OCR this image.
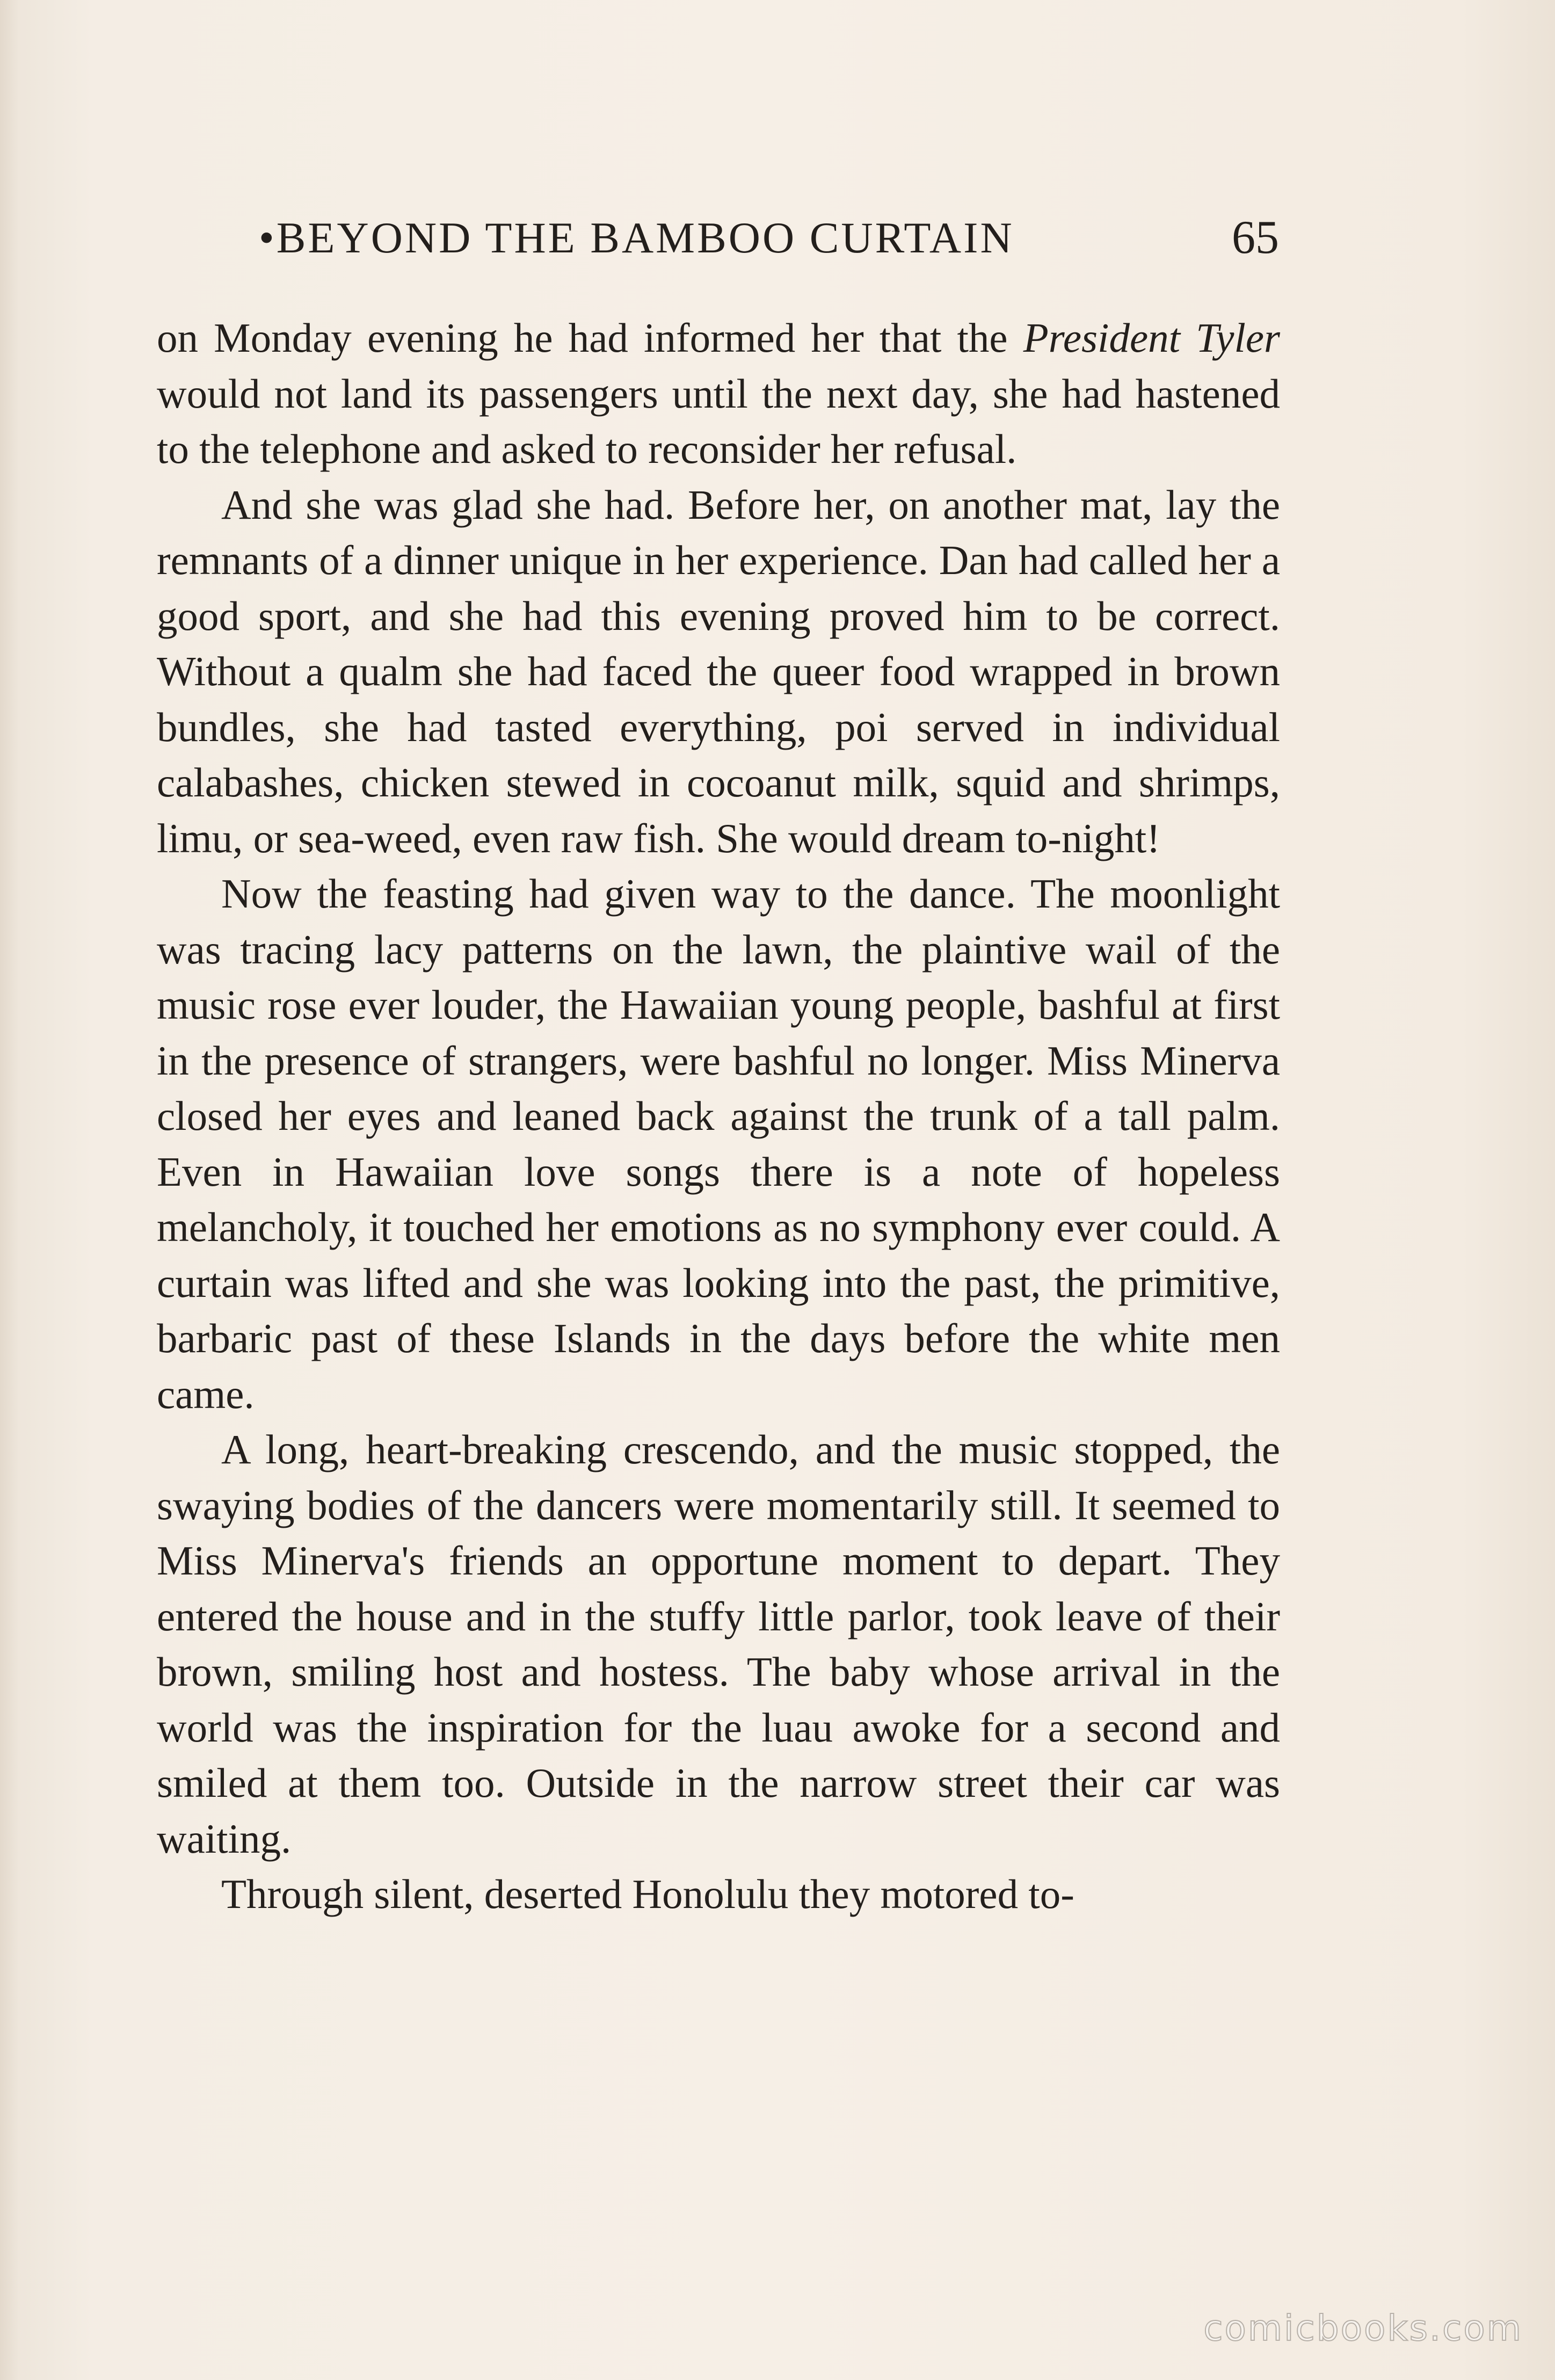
•BEYOND THE BAMBOO CURTAIN	65

on Monday evening he had informed her that the President Tyler would not land its passengers until the next day, she had hastened to the telephone and asked to reconsider her refusal.

And she was glad she had. Before her, on another mat, lay the remnants of a dinner unique in her experience. Dan had called her a good sport, and she had this evening proved him to be correct. Without a qualm she had faced the queer food wrapped in brown bundles, she had tasted everything, poi served in individual calabashes, chicken stewed in cocoanut milk, squid and shrimps, limu, or sea-weed, even raw fish. She would dream to-night!

Now the feasting had given way to the dance. The moonlight was tracing lacy patterns on the lawn, the plaintive wail of the music rose ever louder, the Hawaiian young people, bashful at first in the presence of strangers, were bashful no longer. Miss Minerva closed her eyes and leaned back against the trunk of a tall palm. Even in Hawaiian love songs there is a note of hopeless melancholy, it touched her emotions as no symphony ever could. A curtain was lifted and she was looking into the past, the primitive, barbaric past of these Islands in the days before the white men came.

A long, heart-breaking crescendo, and the music stopped, the swaying bodies of the dancers were momentarily still. It seemed to Miss Minerva's friends an opportune moment to depart. They entered the house and in the stuffy little parlor, took leave of their brown, smiling host and hostess. The baby whose arrival in the world was the inspiration for the luau awoke for a second and smiled at them too. Outside in the narrow street their car was waiting.

Through silent, deserted Honolulu they motored to-

comicbooks.com
